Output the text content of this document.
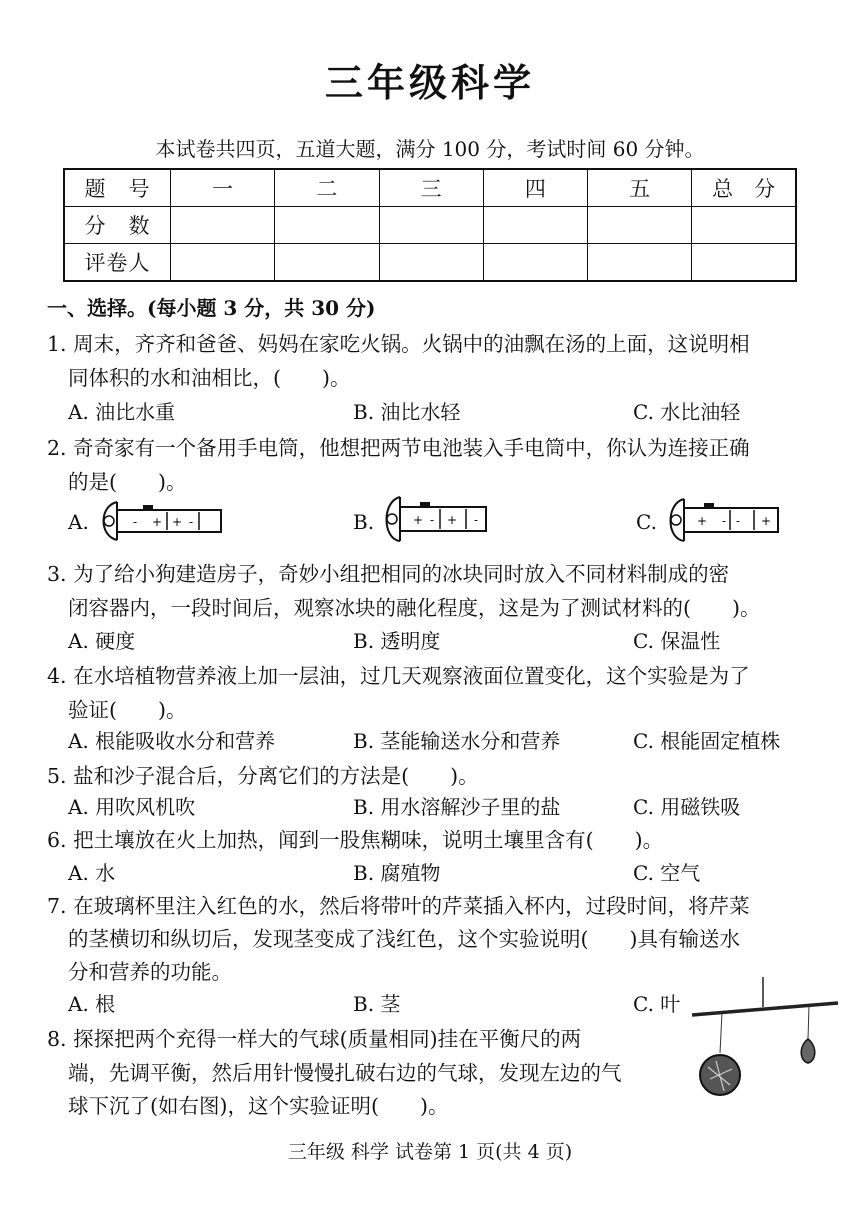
三年级科学
本试卷共四页，五道大题，满分 100 分，考试时间 60 分钟。
题　号	一	二	三	四	五	总　分
分　数						
评卷人						
一、选择。(每小题 3 分，共 30 分)
1. 周末，齐齐和爸爸、妈妈在家吃火锅。火锅中的油飘在汤的上面，这说明相
同体积的水和油相比，(　　)。
A. 油比水重	B. 油比水轻	C. 水比油轻
2. 奇奇家有一个备用手电筒，他想把两节电池装入手电筒中，你认为连接正确
的是(　　)。
A.	- + + -	B.	+ - + -	C.	+ - - +
3. 为了给小狗建造房子，奇妙小组把相同的冰块同时放入不同材料制成的密
闭容器内，一段时间后，观察冰块的融化程度，这是为了测试材料的(　　)。
A. 硬度	B. 透明度	C. 保温性
4. 在水培植物营养液上加一层油，过几天观察液面位置变化，这个实验是为了
验证(　　)。
A. 根能吸收水分和营养	B. 茎能输送水分和营养	C. 根能固定植株
5. 盐和沙子混合后，分离它们的方法是(　　)。
A. 用吹风机吹	B. 用水溶解沙子里的盐	C. 用磁铁吸
6. 把土壤放在火上加热，闻到一股焦糊味，说明土壤里含有(　　)。
A. 水	B. 腐殖物	C. 空气
7. 在玻璃杯里注入红色的水，然后将带叶的芹菜插入杯内，过段时间，将芹菜
的茎横切和纵切后，发现茎变成了浅红色，这个实验说明(　　)具有输送水
分和营养的功能。
A. 根	B. 茎	C. 叶
8. 探探把两个充得一样大的气球(质量相同)挂在平衡尺的两
端，先调平衡，然后用针慢慢扎破右边的气球，发现左边的气
球下沉了(如右图)，这个实验证明(　　)。
三年级 科学 试卷第 1 页(共 4 页)
